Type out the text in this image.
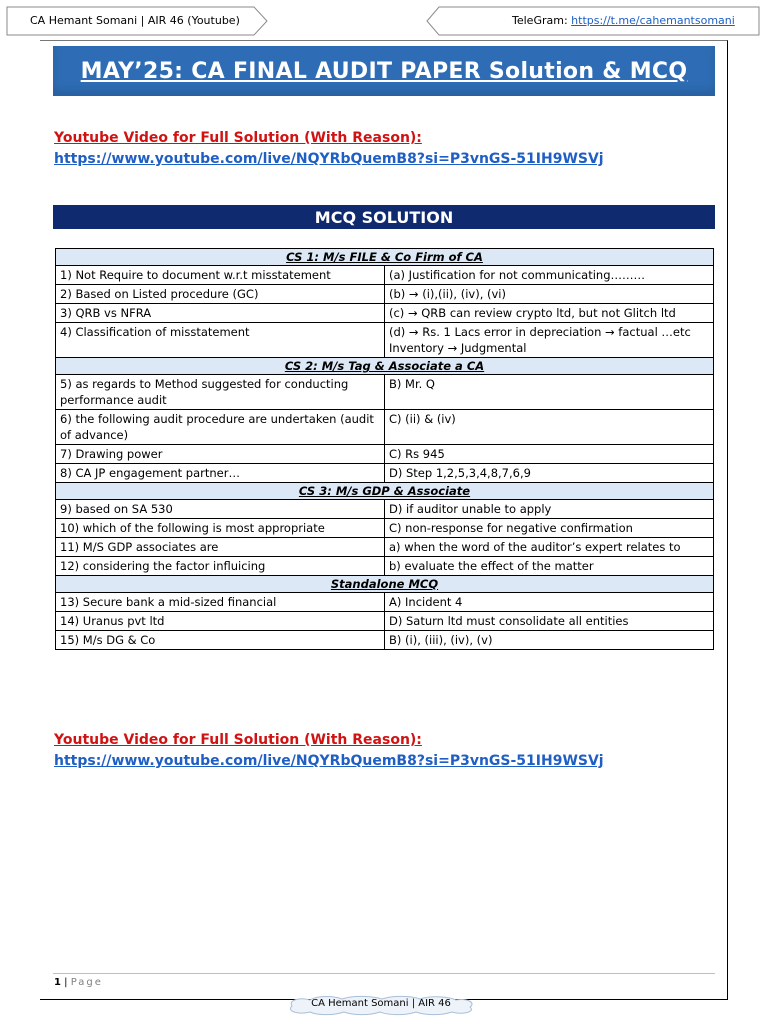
CA Hemant Somani | AIR 46 (Youtube)	TeleGram: https://t.me/cahemantsomani
MAY’25: CA FINAL AUDIT PAPER Solution & MCQ
Youtube Video for Full Solution (With Reason):
https://www.youtube.com/live/NQYRbQuemB8?si=P3vnGS-51IH9WSVj
MCQ SOLUTION
CS 1: M/s FILE & Co Firm of CA	
1) Not Require to document w.r.t misstatement	(a) Justification for not communicating………
2) Based on Listed procedure (GC)	(b) → (i),(ii), (iv), (vi)
3) QRB vs NFRA	(c) → QRB can review crypto ltd, but not Glitch ltd
4) Classification of misstatement	(d) → Rs. 1 Lacs error in depreciation → factual …etc
Inventory → Judgmental

CS 2: M/s Tag & Associate a CA	
5) as regards to Method suggested for conducting performance audit	B) Mr. Q
6) the following audit procedure are undertaken (audit of advance)	C) (ii) & (iv)
7) Drawing power	C) Rs 945
8) CA JP engagement partner…	D) Step 1,2,5,3,4,8,7,6,9
CS 3: M/s GDP & Associate	
9) based on SA 530	D) if auditor unable to apply
10) which of the following is most appropriate	C) non-response for negative confirmation
11) M/S GDP associates are	a) when the word of the auditor’s expert relates to
12) considering the factor influicing	b) evaluate the effect of the matter
Standalone MCQ	
13) Secure bank a mid-sized financial	A) Incident 4
14) Uranus pvt ltd	D) Saturn ltd must consolidate all entities
15) M/s DG & Co	B) (i), (iii), (iv), (v)
Youtube Video for Full Solution (With Reason):
https://www.youtube.com/live/NQYRbQuemB8?si=P3vnGS-51IH9WSVj
1 | Page
CA Hemant Somani | AIR 46
